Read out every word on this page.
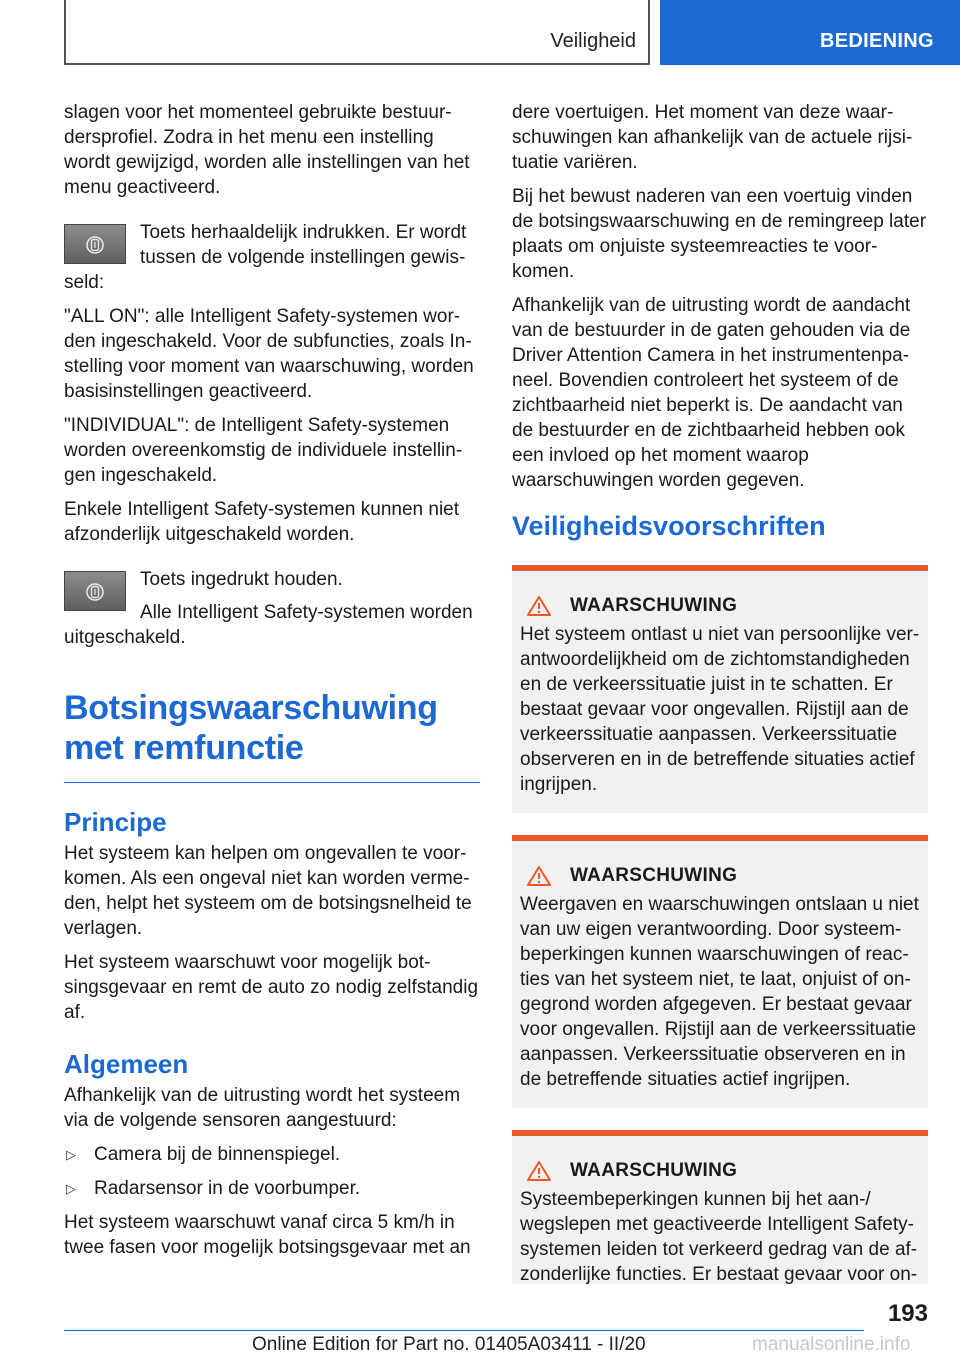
Veiligheid	BEDIENING

slagen voor het momenteel gebruikte bestuurdersprofiel. Zodra in het menu een instelling wordt gewijzigd, worden alle instellingen van het menu geactiveerd.

Toets herhaaldelijk indrukken. Er wordt tussen de volgende instellingen gewisseld:

"ALL ON": alle Intelligent Safety-systemen worden ingeschakeld. Voor de subfuncties, zoals Instelling voor moment van waarschuwing, worden basisinstellingen geactiveerd.

"INDIVIDUAL": de Intelligent Safety-systemen worden overeenkomstig de individuele instellingen ingeschakeld.

Enkele Intelligent Safety-systemen kunnen niet afzonderlijk uitgeschakeld worden.

Toets ingedrukt houden.
Alle Intelligent Safety-systemen worden uitgeschakeld.
Botsingswaarschuwing met remfunctie
Principe

Het systeem kan helpen om ongevallen te voorkomen. Als een ongeval niet kan worden vermeden, helpt het systeem om de botsingsnelheid te verlagen.

Het systeem waarschuwt voor mogelijk botsingsgevaar en remt de auto zo nodig zelfstandig af.

Algemeen

Afhankelijk van de uitrusting wordt het systeem via de volgende sensoren aangestuurd:

▷ Camera bij de binnenspiegel.
▷ Radarsensor in de voorbumper.

Het systeem waarschuwt vanaf circa 5 km/h in twee fasen voor mogelijk botsingsgevaar met an

dere voertuigen. Het moment van deze waarschuwingen kan afhankelijk van de actuele rijsituatie variëren.

Bij het bewust naderen van een voertuig vinden de botsingswaarschuwing en de remingreep later plaats om onjuiste systeemreacties te voorkomen.

Afhankelijk van de uitrusting wordt de aandacht van de bestuurder in de gaten gehouden via de Driver Attention Camera in het instrumentenpaneel. Bovendien controleert het systeem of de zichtbaarheid niet beperkt is. De aandacht van de bestuurder en de zichtbaarheid hebben ook een invloed op het moment waarop waarschuwingen worden gegeven.

Veiligheidsvoorschriften
WAARSCHUWING
Het systeem ontlast u niet van persoonlijke verantwoordelijkheid om de zichtomstandigheden en de verkeerssituatie juist in te schatten. Er bestaat gevaar voor ongevallen. Rijstijl aan de verkeerssituatie aanpassen. Verkeerssituatie observeren en in de betreffende situaties actief ingrijpen.
WAARSCHUWING
Weergaven en waarschuwingen ontslaan u niet van uw eigen verantwoording. Door systeembeperkingen kunnen waarschuwingen of reacties van het systeem niet, te laat, onjuist of ongegrond worden afgegeven. Er bestaat gevaar voor ongevallen. Rijstijl aan de verkeerssituatie aanpassen. Verkeerssituatie observeren en in de betreffende situaties actief ingrijpen.
WAARSCHUWING
Systeembeperkingen kunnen bij het aan-/ wegslepen met geactiveerde Intelligent Safety-systemen leiden tot verkeerd gedrag van de afzonderlijke functies. Er bestaat gevaar voor on-
193
Online Edition for Part no. 01405A03411 - II/20	manualsonline.info
